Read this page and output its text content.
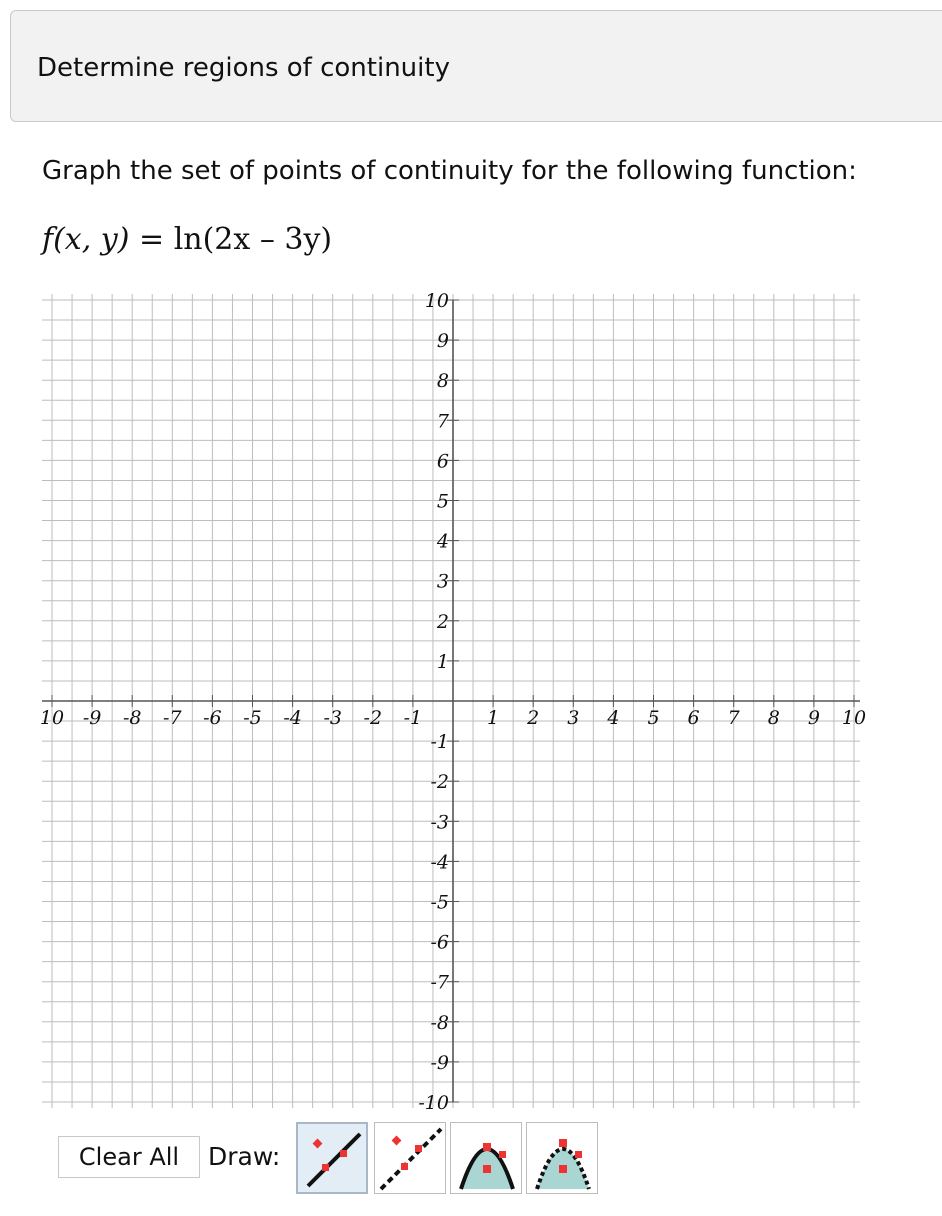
Determine regions of continuity
Graph the set of points of continuity for the following function:
f(x, y) = ln(2x – 3y)
10 -9 -8 -7 -6 -5 -4 -3 -2 -1	1 2 3 4 5 6 7 8 9 10
10
9
8
7
6
5
4
3
2
1
-1
-2
-3
-4
-5
-6
-7
-8
-9
-10
Clear All	Draw:
